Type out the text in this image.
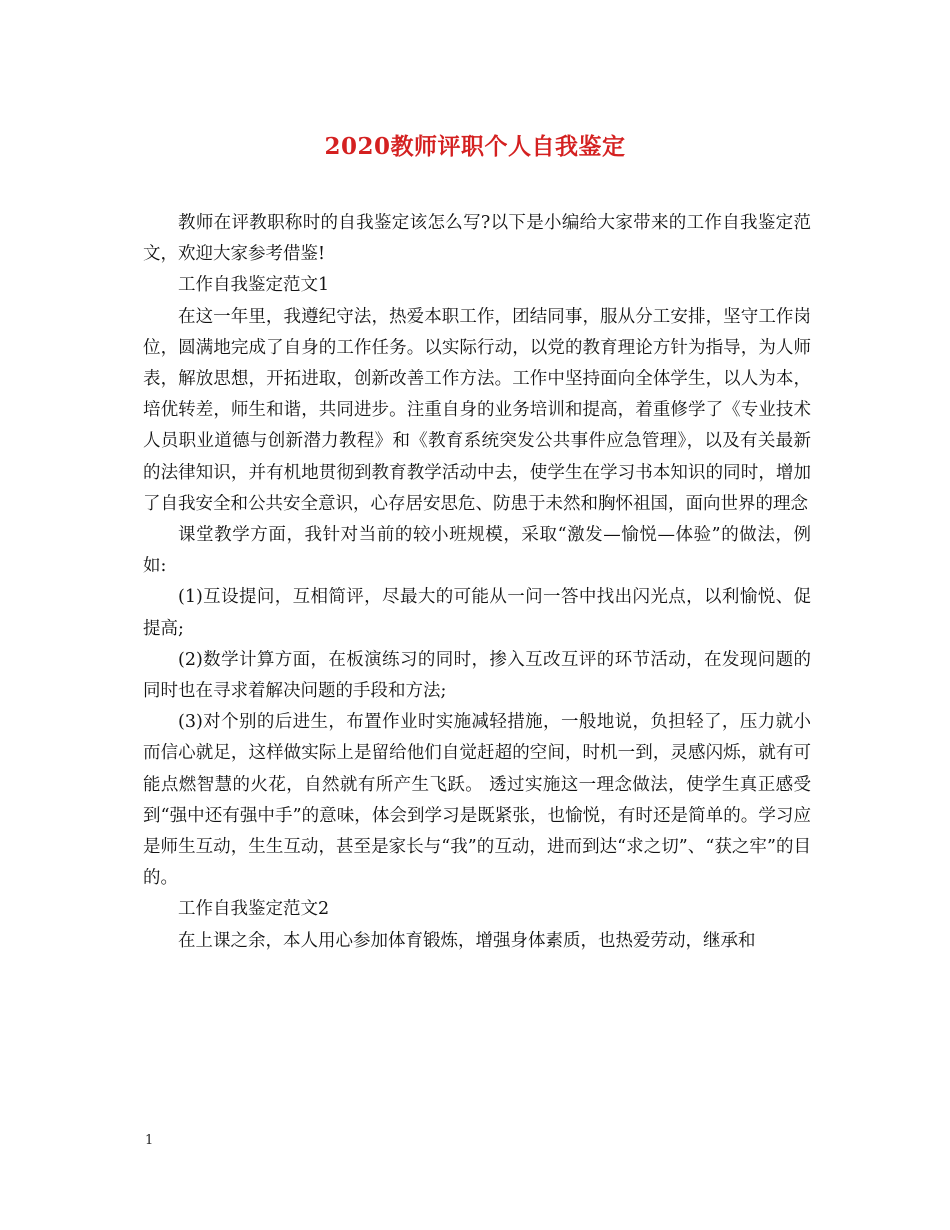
2020教师评职个人自我鉴定

教师在评教职称时的自我鉴定该怎么写?以下是小编给大家带来的工作自我鉴定范文，欢迎大家参考借鉴!

工作自我鉴定范文1

在这一年里，我遵纪守法，热爱本职工作，团结同事，服从分工安排，坚守工作岗位，圆满地完成了自身的工作任务。以实际行动，以党的教育理论方针为指导，为人师表，解放思想，开拓进取，创新改善工作方法。工作中坚持面向全体学生，以人为本，培优转差，师生和谐，共同进步。注重自身的业务培训和提高，着重修学了《专业技术人员职业道德与创新潜力教程》和《教育系统突发公共事件应急管理》，以及有关最新的法律知识，并有机地贯彻到教育教学活动中去，使学生在学习书本知识的同时，增加了自我安全和公共安全意识，心存居安思危、防患于未然和胸怀祖国，面向世界的理念

课堂教学方面，我针对当前的较小班规模，采取“激发—愉悦—体验”的做法，例如:

(1)互设提问，互相简评，尽最大的可能从一问一答中找出闪光点，以利愉悦、促提高;

(2)数学计算方面，在板演练习的同时，掺入互改互评的环节活动，在发现问题的同时也在寻求着解决问题的手段和方法;

(3)对个别的后进生，布置作业时实施减轻措施，一般地说，负担轻了，压力就小而信心就足，这样做实际上是留给他们自觉赶超的空间，时机一到，灵感闪烁，就有可能点燃智慧的火花，自然就有所产生飞跃。 透过实施这一理念做法，使学生真正感受到“强中还有强中手”的意味，体会到学习是既紧张，也愉悦，有时还是简单的。学习应是师生互动，生生互动，甚至是家长与“我”的互动，进而到达“求之切”、“获之牢”的目的。

工作自我鉴定范文2

在上课之余，本人用心参加体育锻炼，增强身体素质，也热爱劳动，继承和

1
